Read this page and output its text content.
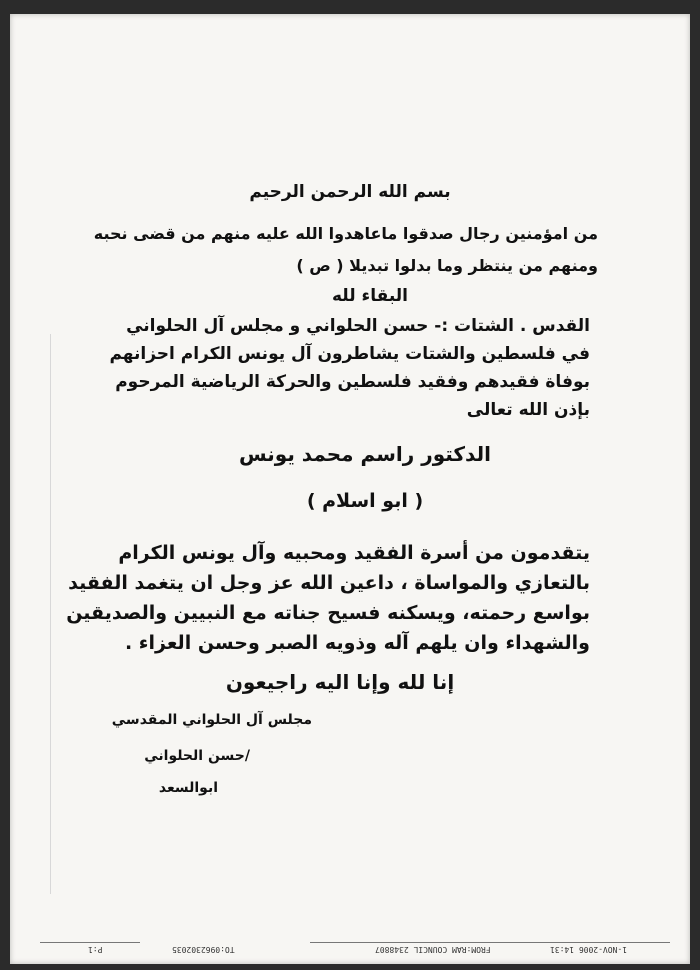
بسم الله الرحمن الرحيم
من امؤمنين رجال صدقوا ماعاهدوا الله عليه منهم من قضى نحبه
ومنهم من ينتظر وما بدلوا تبديلا ( ص )
البقاء لله
القدس . الشتات :- حسن الحلواني و مجلس آل الحلواني
في فلسطين والشتات يشاطرون آل يونس الكرام احزانهم
بوفاة فقيدهم وفقيد فلسطين والحركة الرياضية المرحوم
بإذن الله تعالى
الدكتور راسم محمد يونس
( ابو اسلام )
يتقدمون من أسرة الفقيد ومحبيه وآل يونس الكرام
بالتعازي والمواساة ، داعين الله عز وجل ان يتغمد الفقيد
بواسع رحمته، ويسكنه فسيح جناته مع النبيين والصديقين
والشهداء وان يلهم آله وذويه الصبر وحسن العزاء .
إنا لله وإنا اليه راجيعون
مجلس آل الحلواني المقدسي
/حسن الحلواني
ابوالسعد
P:1	TO:0962302035	FROM:RAM COUNCIL 2348807	1-NOV-2006 14:31
